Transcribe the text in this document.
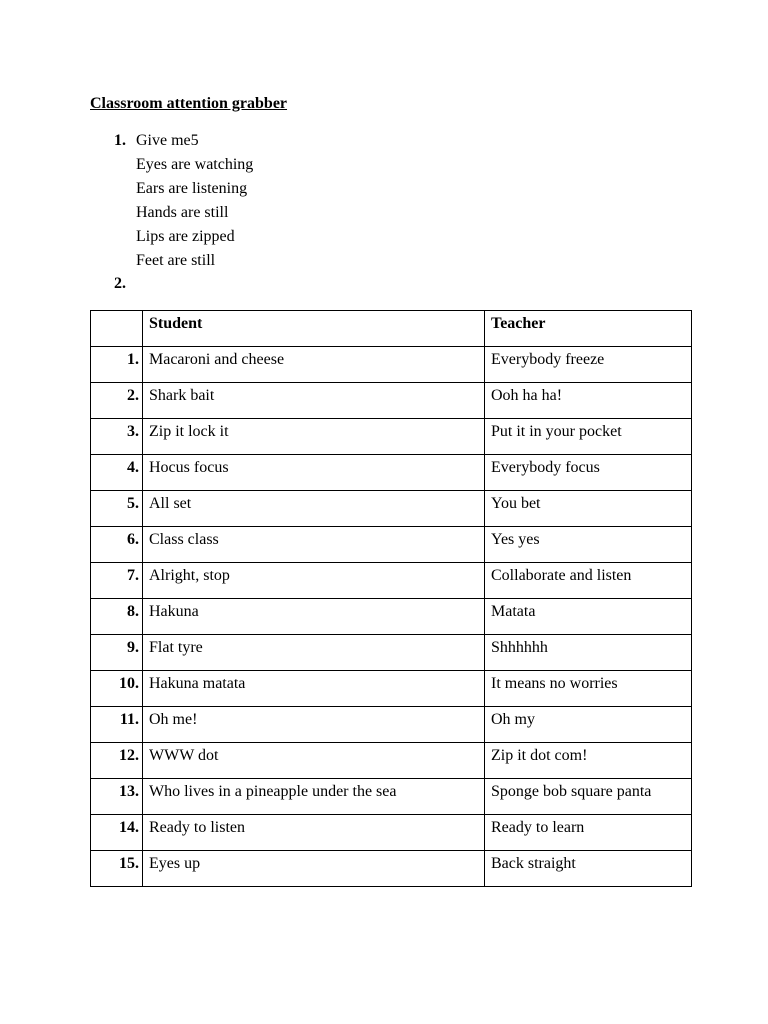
Classroom attention grabber
1. Give me5
Eyes are watching
Ears are listening
Hands are still
Lips are zipped
Feet are still
2.
	Student	Teacher
1.	Macaroni and cheese	Everybody freeze
2.	Shark bait	Ooh ha ha!
3.	Zip it lock it	Put it in your pocket
4.	Hocus focus	Everybody focus
5.	All set	You bet
6.	Class class	Yes yes
7.	Alright, stop	Collaborate and listen
8.	Hakuna	Matata
9.	Flat tyre	Shhhhhh
10.	Hakuna matata	It means no worries
11.	Oh me!	Oh my
12.	WWW dot	Zip it dot com!
13.	Who lives in a pineapple under the sea	Sponge bob square panta
14.	Ready to listen	Ready to learn
15.	Eyes up	Back straight
